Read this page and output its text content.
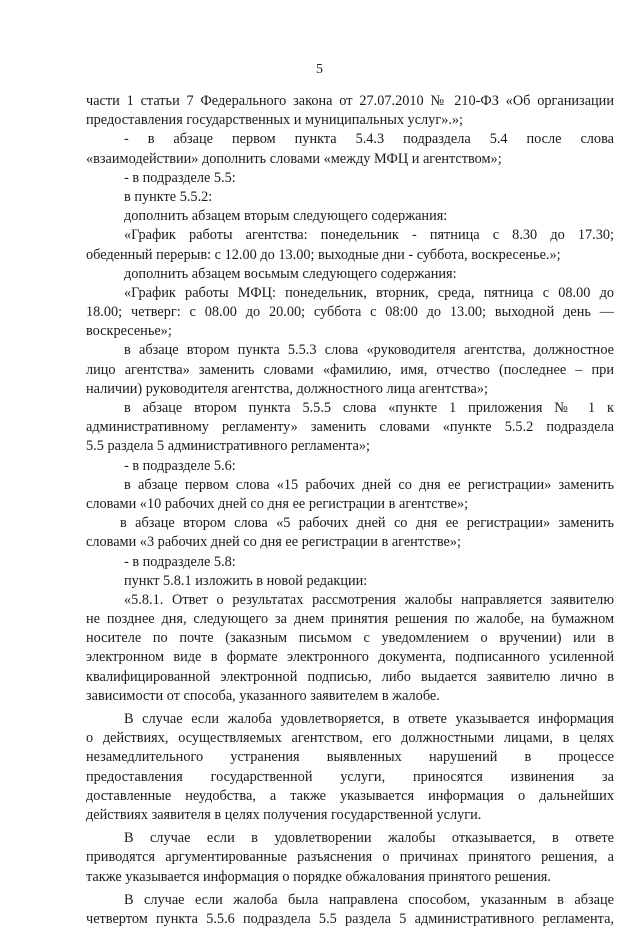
5
части 1 статьи 7 Федерального закона от 27.07.2010 № 210-ФЗ «Об организации
предоставления государственных и муниципальных услуг».»;
- в абзаце первом пункта 5.4.3 подраздела 5.4 после слова
«взаимодействии» дополнить словами «между МФЦ и агентством»;
- в подразделе 5.5:
в пункте 5.5.2:
дополнить абзацем вторым следующего содержания:
«График работы агентства: понедельник - пятница с 8.30 до 17.30;
обеденный перерыв: с 12.00 до 13.00; выходные дни - суббота, воскресенье.»;
дополнить абзацем восьмым следующего содержания:
«График работы МФЦ: понедельник, вторник, среда, пятница с 08.00 до
18.00; четверг: с 08.00 до 20.00; суббота с 08:00 до 13.00; выходной день —
воскресенье»;
в абзаце втором пункта 5.5.3 слова «руководителя агентства, должностное
лицо агентства» заменить словами «фамилию, имя, отчество (последнее – при
наличии) руководителя агентства, должностного лица агентства»;
в абзаце втором пункта 5.5.5 слова «пункте 1 приложения № 1 к
административному регламенту» заменить словами «пункте 5.5.2 подраздела
5.5 раздела 5 административного регламента»;
- в подразделе 5.6:
в абзаце первом слова «15 рабочих дней со дня ее регистрации» заменить
словами «10 рабочих дней со дня ее регистрации в агентстве»;
в абзаце втором слова «5 рабочих дней со дня ее регистрации» заменить
словами «3 рабочих дней со дня ее регистрации в агентстве»;
- в подразделе 5.8:
пункт 5.8.1 изложить в новой редакции:
«5.8.1. Ответ о результатах рассмотрения жалобы направляется заявителю
не позднее дня, следующего за днем принятия решения по жалобе, на бумажном
носителе по почте (заказным письмом с уведомлением о вручении) или в
электронном виде в формате электронного документа, подписанного усиленной
квалифицированной электронной подписью, либо выдается заявителю лично в
зависимости от способа, указанного заявителем в жалобе.
В случае если жалоба удовлетворяется, в ответе указывается информация
о действиях, осуществляемых агентством, его должностными лицами, в целях
незамедлительного устранения выявленных нарушений в процессе
предоставления государственной услуги, приносятся извинения за
доставленные неудобства, а также указывается информация о дальнейших
действиях заявителя в целях получения государственной услуги.
В случае если в удовлетворении жалобы отказывается, в ответе
приводятся аргументированные разъяснения о причинах принятого решения, а
также указывается информация о порядке обжалования принятого решения.
В случае если жалоба была направлена способом, указанным в абзаце
четвертом пункта 5.5.6 подраздела 5.5 раздела 5 административного регламента,
